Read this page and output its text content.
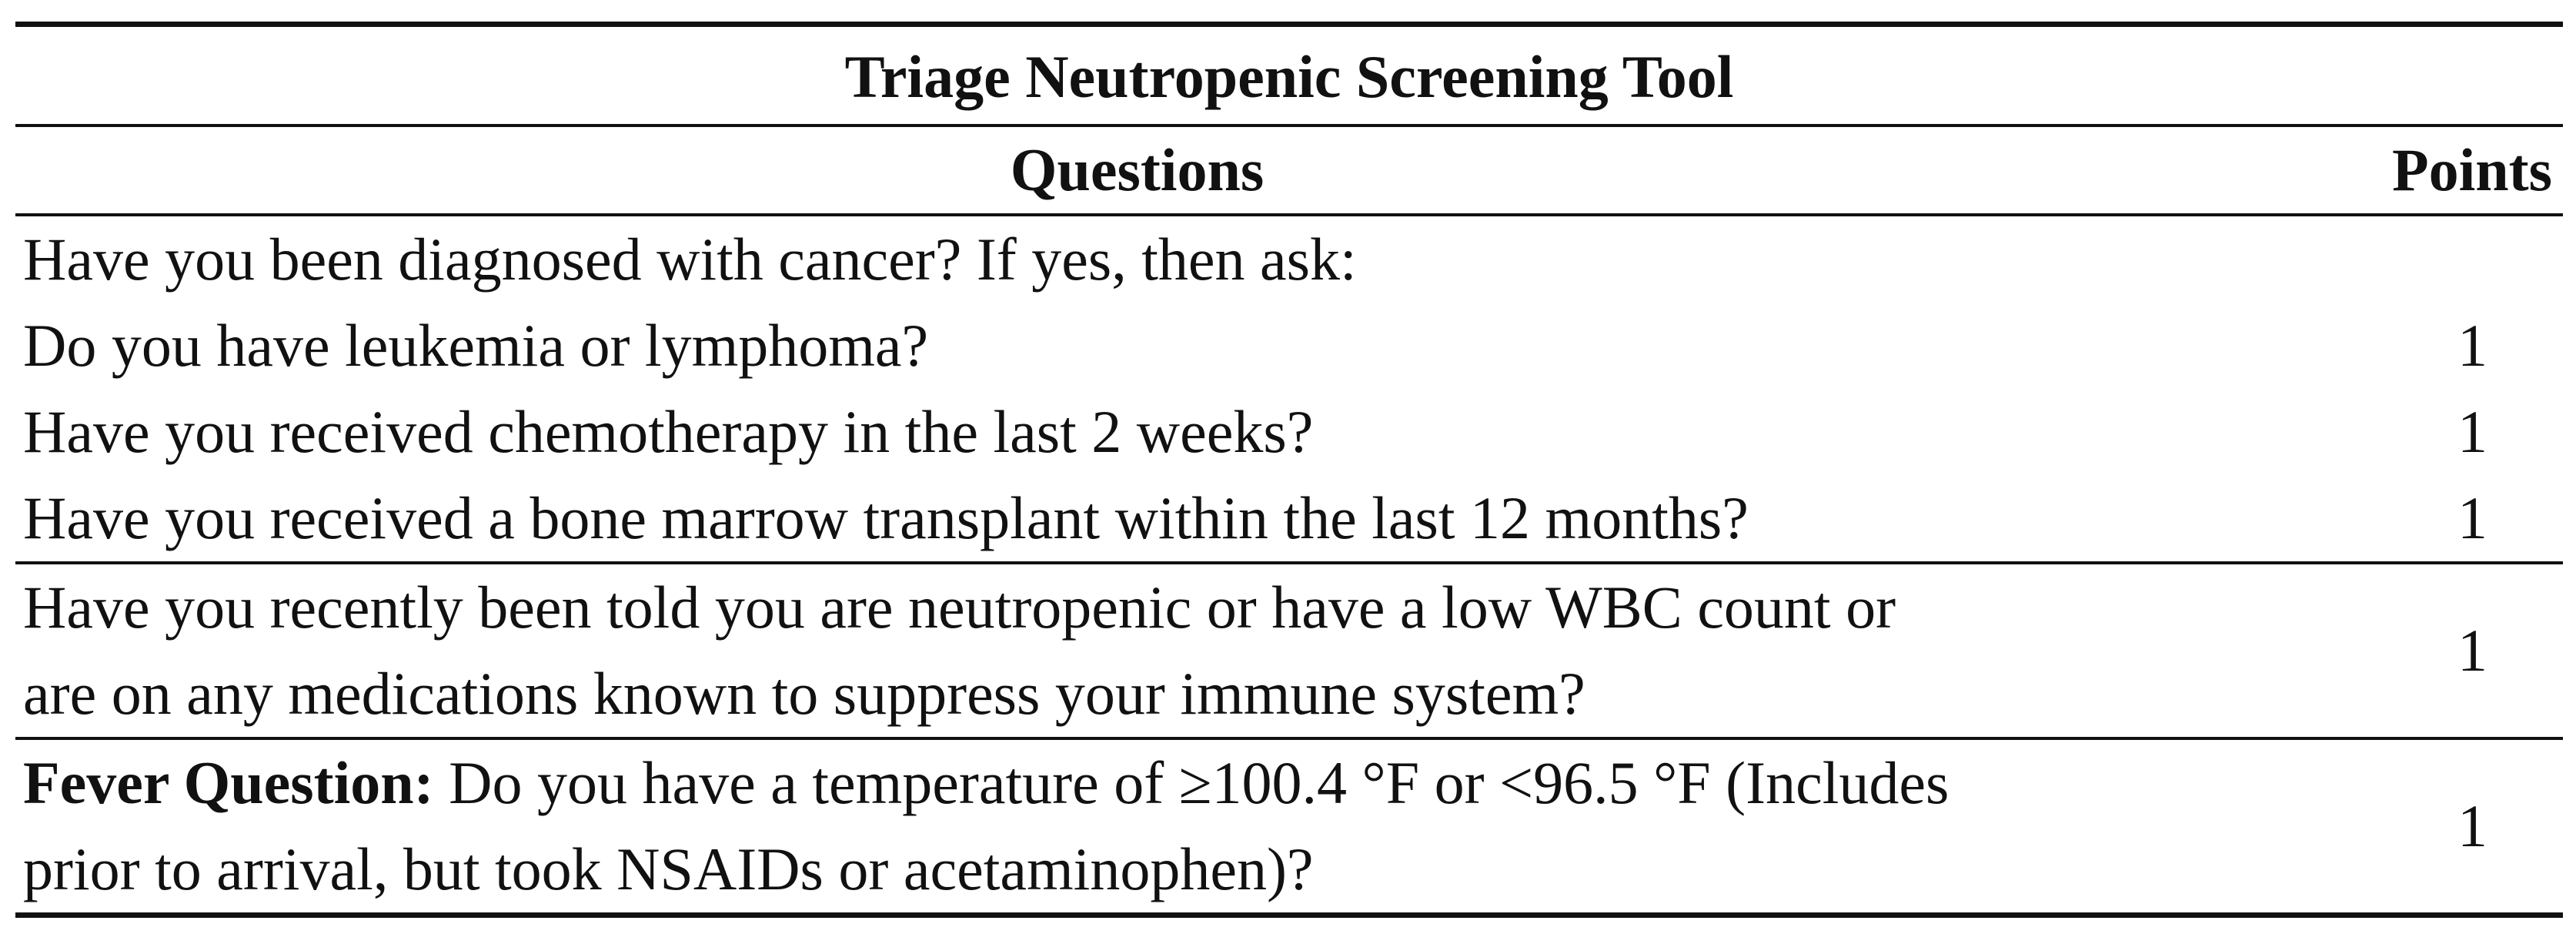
Triage Neutropenic Screening Tool	
Questions	Points
Have you been diagnosed with cancer? If yes, then ask:	
Do you have leukemia or lymphoma?	1
Have you received chemotherapy in the last 2 weeks?	1
Have you received a bone marrow transplant within the last 12 months?	1

Have you recently been told you are neutropenic or have a low WBC count or
are on any medications known to suppress your immune system?	1

Fever Question: Do you have a temperature of ≥100.4 °F or <96.5 °F (Includes
prior to arrival, but took NSAIDs or acetaminophen)?	1
